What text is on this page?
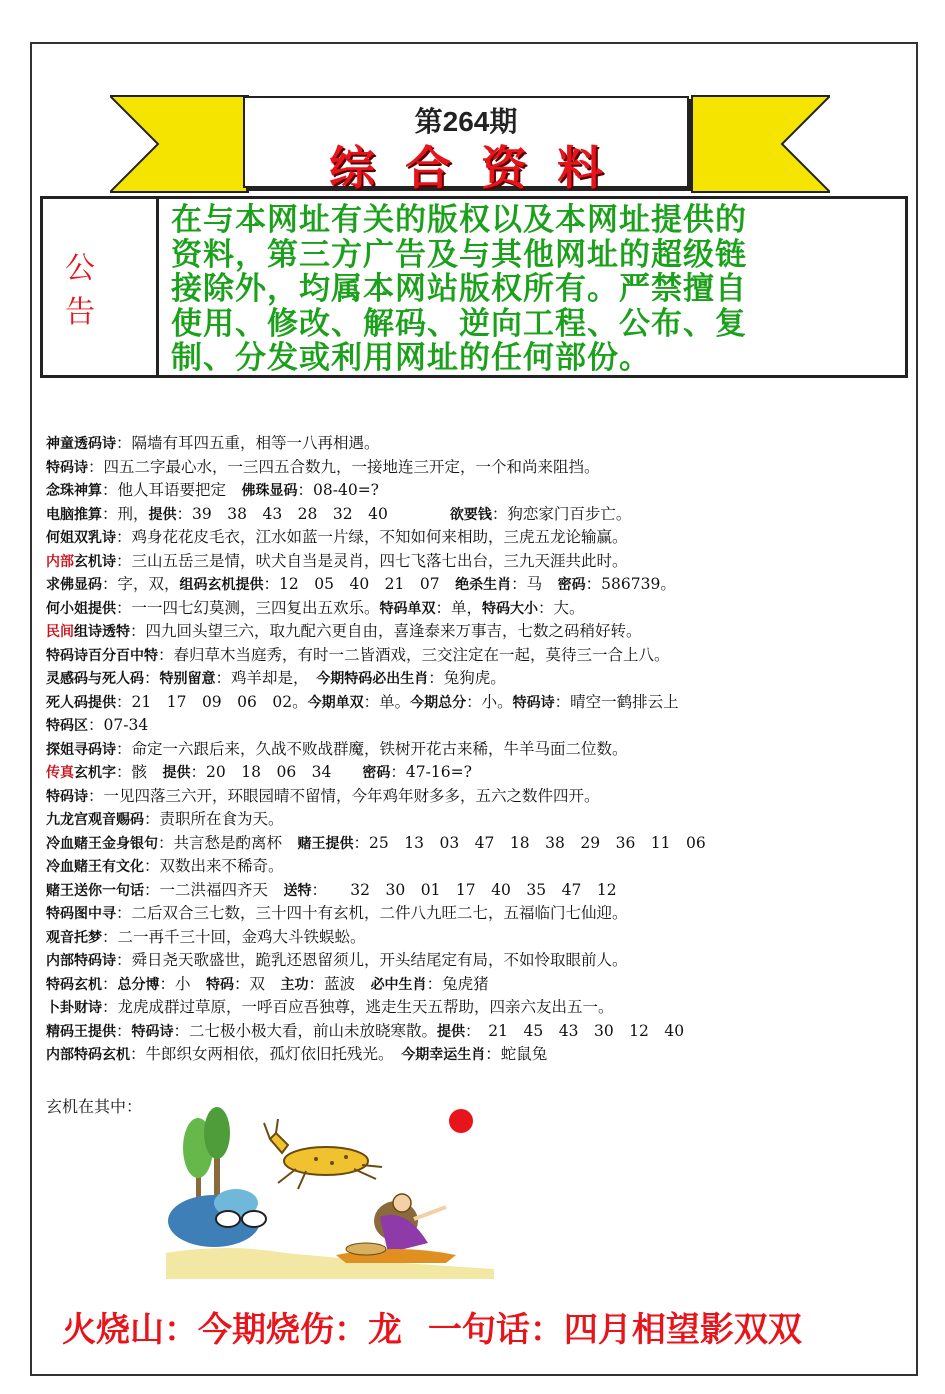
第264期
综合资料
公告
在与本网址有关的版权以及本网址提供的
资料，第三方广告及与其他网址的超级链
接除外，均属本网站版权所有。严禁擅自
使用、修改、解码、逆向工程、公布、复
制、分发或利用网址的任何部份。
神童透码诗：隔墙有耳四五重，相等一八再相遇。
特码诗：四五二字最心水，一三四五合数九，一接地连三开定，一个和尚来阻挡。
念珠神算：他人耳语要把定　佛珠显码：08-40=?
电脑推算：刑，提供：39　38　43　28　32　40　　　　欲要钱：狗恋家门百步亡。
何姐双乳诗：鸡身花花皮毛衣，江水如蓝一片绿，不知如何来相助，三虎五龙论输赢。
内部玄机诗：三山五岳三是情，吠犬自当是灵肖，四七飞落七出台，三九天涯共此时。
求佛显码：字，双，组码玄机提供：12　05　40　21　07　绝杀生肖：马　密码：586739。
何小姐提供：一一四七幻莫测，三四复出五欢乐。特码单双：单，特码大小：大。
民间组诗透特：四九回头望三六，取九配六更自由，喜逢泰来万事吉，七数之码稍好转。
特码诗百分百中特：春归草木当庭秀，有时一二皆酒戏，三交注定在一起，莫待三一合上八。
灵感码与死人码：特别留意：鸡羊却是，　今期特码必出生肖：兔狗虎。
死人码提供：21　17　09　06　02。今期单双：单。今期总分：小。特码诗：晴空一鹤排云上
特码区：07-34
探姐寻码诗：命定一六跟后来，久战不败战群魔，铁树开花古来稀，牛羊马面二位数。
传真玄机字：骸　提供：20　18　06　34　　密码：47-16=?
特码诗：一见四落三六开，环眼园晴不留情，今年鸡年财多多，五六之数件四开。
九龙宫观音赐码：责职所在食为天。
冷血赌王金身银句：共言愁是酌离杯　赌王提供：25　13　03　47　18　38　29　36　11　06
冷血赌王有文化：双数出来不稀奇。
赌王送你一句话：一二洪福四齐天　送特：　　32　30　01　17　40　35　47　12
特码图中寻：二后双合三七数，三十四十有玄机，二件八九旺二七，五福临门七仙迎。
观音托梦：二一再千三十回，金鸡大斗铁蜈蚣。
内部特码诗：舜日尧天歌盛世，跪乳还恩留须儿，开头结尾定有局，不如怜取眼前人。
特码玄机：总分博：小　特码：双　主功：蓝波　必中生肖：兔虎猪
卜卦财诗：龙虎成群过草原，一呼百应吾独尊，逃走生天五帮助，四亲六友出五一。
精码王提供：特码诗：二七极小极大看，前山未放晓寒散。提供：　21　45　43　30　12　40
内部特码玄机：牛郎织女两相依，孤灯依旧托残光。　今期幸运生肖：蛇鼠兔
玄机在其中：
火烧山：今期烧伤：龙 一句话：四月相望影双双
